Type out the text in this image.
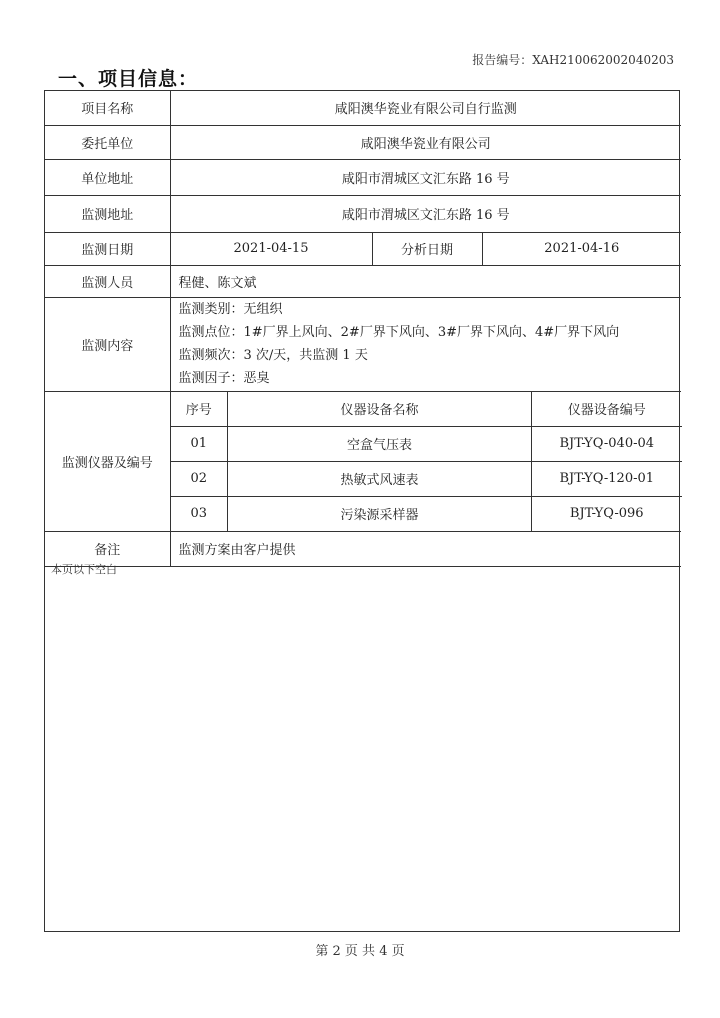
报告编号：XAH210062002040203
一、项目信息：
项目名称	咸阳澳华瓷业有限公司自行监测
委托单位	咸阳澳华瓷业有限公司
单位地址	咸阳市渭城区文汇东路 16 号
监测地址	咸阳市渭城区文汇东路 16 号
监测日期	2021-04-15	分析日期	2021-04-16
监测人员	程健、陈文斌
监测内容	
监测类别：无组织
监测点位：1#厂界上风向、2#厂界下风向、3#厂界下风向、4#厂界下风向
监测频次：3 次/天，共监测 1 天
监测因子：恶臭

监测仪器及编号	
序号	仪器设备名称	仪器设备编号
01	空盒气压表	BJT-YQ-040-04
02	热敏式风速表	BJT-YQ-120-01
03	污染源采样器	BJT-YQ-096

备注	监测方案由客户提供
本页以下空白
第 2 页 共 4 页
